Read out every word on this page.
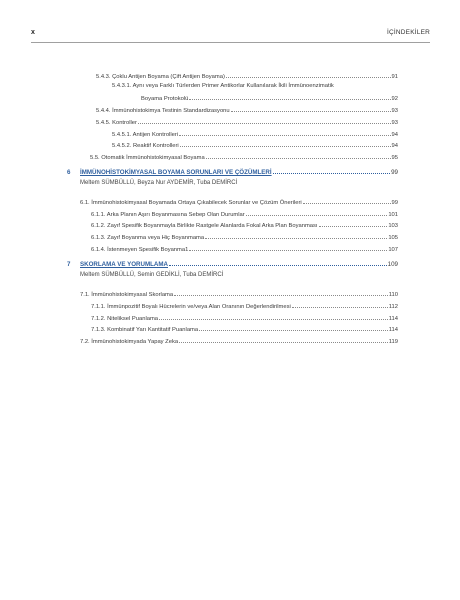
x	İÇİNDEKİLER
5.4.3. Çoklu Antijen Boyama (Çift Antijen Boyama)	91
5.4.3.1. Aynı veya Farklı Türlerden Primer Antikorlar Kullanılarak İkili İmmünoenzimatik
Boyama Protokolü	92
5.4.4. İmmünohistokimya Testinin Standardizasyonu	93
5.4.5. Kontroller	93
5.4.5.1. Antijen Kontrolleri	94
5.4.5.2. Reaktif Kontrolleri	94
5.5. Otomatik İmmünohistokimyasal Boyama	95
6 İMMÜNOHİSTOKİMYASAL BOYAMA SORUNLARI VE ÇÖZÜMLERİ	99
Meltem SÜMBÜLLÜ, Beyza Nur AYDEMİR, Tuba DEMİRCİ
6.1. İmmünohistokimyasal Boyamada Ortaya Çıkabilecek Sorunlar ve Çözüm Önerileri	99
6.1.1. Arka Planın Aşırı Boyanmasına Sebep Olan Durumlar	101
6.1.2. Zayıf Spesifik Boyanmayla Birlikte Rastgele Alanlarda Fokal Arka Plan Boyanması	103
6.1.3. Zayıf Boyanma veya Hiç Boyanmama	105
6.1.4. İstenmeyen Spesifik Boyanma1	107
7 SKORLAMA VE YORUMLAMA	109
Meltem SÜMBÜLLÜ, Semin GEDİKLİ, Tuba DEMİRCİ
7.1. İmmünohistokimyasal Skorlama	110
7.1.1. İmmünpozitif Boyalı Hücrelerin ve/veya Alan Oranının Değerlendirilmesi	112
7.1.2. Niteliksel Puanlama	114
7.1.3. Kombinatif Yarı Kantitatif Puanlama	114
7.2. İmmünohistokimyada Yapay Zeka	119
